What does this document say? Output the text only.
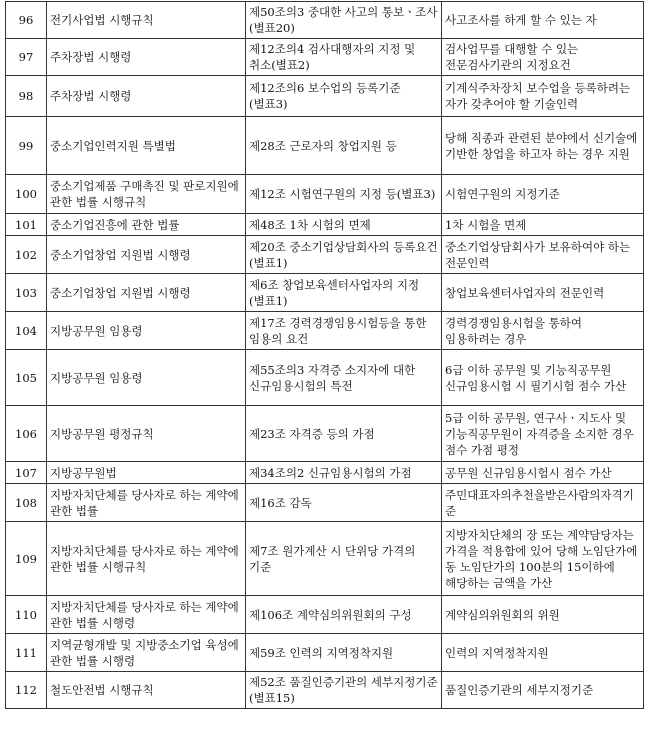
96	전기사업법 시행규칙	제50조의3 중대한 사고의 통보ㆍ조사(별표20)	사고조사를 하게 할 수 있는 자
97	주차장법 시행령	제12조의4 검사대행자의 지정 및 취소(별표2)	검사업무를 대행할 수 있는 전문검사기관의 지정요건
98	주차장법 시행령	제12조의6 보수업의 등록기준(별표3)	기계식주차장치 보수업을 등록하려는 자가 갖추어야 할 기술인력
99	중소기업인력지원 특별법	제28조 근로자의 창업지원 등	당해 직종과 관련된 분야에서 신기술에 기반한 창업을 하고자 하는 경우 지원
100	중소기업제품 구매촉진 및 판로지원에 관한 법률 시행규칙	제12조 시험연구원의 지정 등(별표3)	시험연구원의 지정기준
101	중소기업진흥에 관한 법률	제48조 1차 시험의 면제	1차 시험을 면제
102	중소기업창업 지원법 시행령	제20조 중소기업상담회사의 등록요건(별표1)	중소기업상담회사가 보유하여야 하는 전문인력
103	중소기업창업 지원법 시행령	제6조 창업보육센터사업자의 지정(별표1)	창업보육센터사업자의 전문인력
104	지방공무원 임용령	제17조 경력경쟁임용시험등을 통한 임용의 요건	경력경쟁임용시험을 통하여 임용하려는 경우
105	지방공무원 임용령	제55조의3 자격증 소지자에 대한 신규임용시험의 특전	6급 이하 공무원 및 기능직공무원 신규임용시험 시 필기시험 점수 가산
106	지방공무원 평정규칙	제23조 자격증 등의 가점	5급 이하 공무원, 연구사ㆍ지도사 및 기능직공무원이 자격증을 소지한 경우 점수 가점 평정
107	지방공무원법	제34조의2 신규임용시험의 가점	공무원 신규임용시험시 점수 가산
108	지방자치단체를 당사자로 하는 계약에 관한 법률	제16조 감독	주민대표자의추천을받은사람의자격기준
109	지방자치단체를 당사자로 하는 계약에 관한 법률 시행규칙	제7조 원가계산 시 단위당 가격의 기준	지방자치단체의 장 또는 계약담당자는 가격을 적용함에 있어 당해 노임단가에 동 노임단가의 100분의 15이하에 해당하는 금액을 가산
110	지방자치단체를 당사자로 하는 계약에 관한 법률 시행령	제106조 계약심의위원회의 구성	계약심의위원회의 위원
111	지역균형개발 및 지방중소기업 육성에 관한 법률 시행령	제59조 인력의 지역정착지원	인력의 지역정착지원
112	철도안전법 시행규칙	제52조 품질인증기관의 세부지정기준(별표15)	품질인증기관의 세부지정기준
